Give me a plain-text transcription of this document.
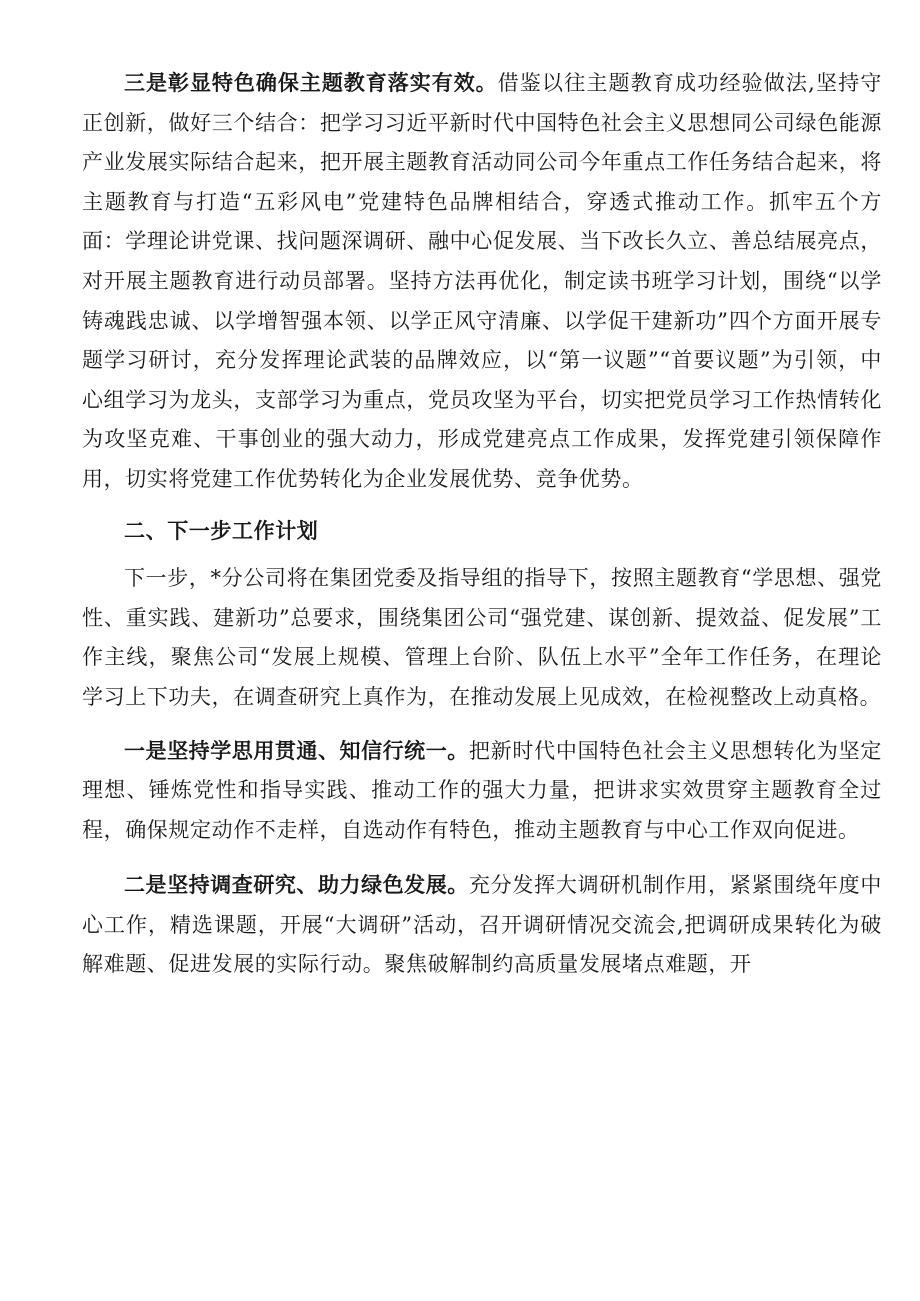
三是彰显特色确保主题教育落实有效。借鉴以往主题教育成功经验做法,坚持守正创新，做好三个结合：把学习习近平新时代中国特色社会主义思想同公司绿色能源产业发展实际结合起来，把开展主题教育活动同公司今年重点工作任务结合起来，将主题教育与打造“五彩风电”党建特色品牌相结合，穿透式推动工作。抓牢五个方面：学理论讲党课、找问题深调研、融中心促发展、当下改长久立、善总结展亮点，对开展主题教育进行动员部署。坚持方法再优化，制定读书班学习计划，围绕“以学铸魂践忠诚、以学增智强本领、以学正风守清廉、以学促干建新功”四个方面开展专题学习研讨，充分发挥理论武装的品牌效应，以“第一议题”“首要议题”为引领，中心组学习为龙头，支部学习为重点，党员攻坚为平台，切实把党员学习工作热情转化为攻坚克难、干事创业的强大动力，形成党建亮点工作成果，发挥党建引领保障作用，切实将党建工作优势转化为企业发展优势、竞争优势。

二、下一步工作计划

下一步，*分公司将在集团党委及指导组的指导下，按照主题教育“学思想、强党性、重实践、建新功”总要求，围绕集团公司“强党建、谋创新、提效益、促发展”工作主线，聚焦公司“发展上规模、管理上台阶、队伍上水平”全年工作任务，在理论学习上下功夫，在调查研究上真作为，在推动发展上见成效，在检视整改上动真格。

一是坚持学思用贯通、知信行统一。把新时代中国特色社会主义思想转化为坚定理想、锤炼党性和指导实践、推动工作的强大力量，把讲求实效贯穿主题教育全过程，确保规定动作不走样，自选动作有特色，推动主题教育与中心工作双向促进。

二是坚持调查研究、助力绿色发展。充分发挥大调研机制作用，紧紧围绕年度中心工作，精选课题，开展“大调研”活动，召开调研情况交流会,把调研成果转化为破解难题、促进发展的实际行动。聚焦破解制约高质量发展堵点难题，开
